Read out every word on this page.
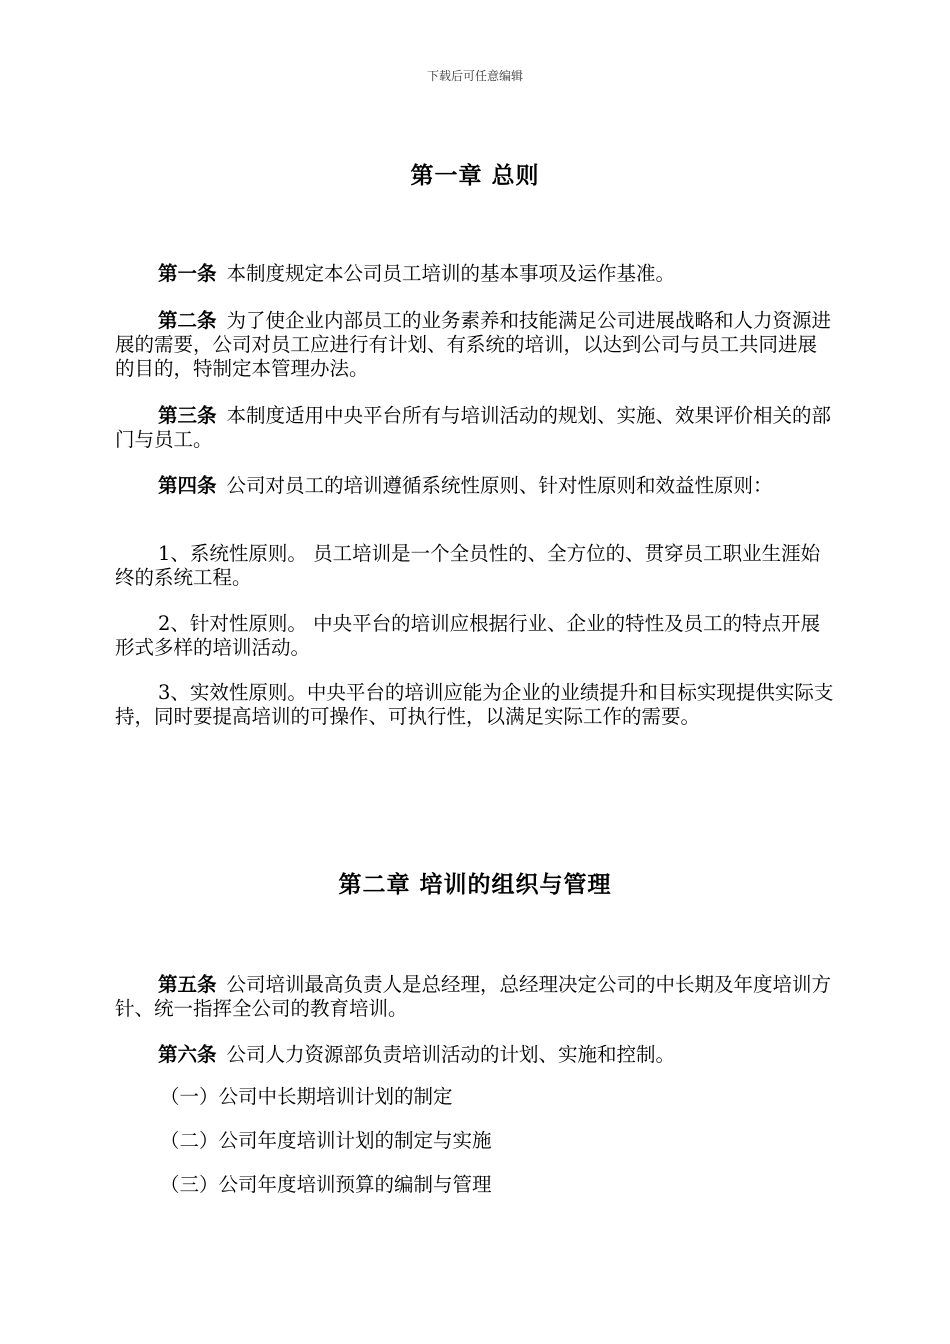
下载后可任意编辑
第一章 总则
第一条 本制度规定本公司员工培训的基本事项及运作基准。
第二条 为了使企业内部员工的业务素养和技能满足公司进展战略和人力资源进展的需要，公司对员工应进行有计划、有系统的培训，以达到公司与员工共同进展的目的，特制定本管理办法。
第三条 本制度适用中央平台所有与培训活动的规划、实施、效果评价相关的部门与员工。
第四条 公司对员工的培训遵循系统性原则、针对性原则和效益性原则：
1、系统性原则。 员工培训是一个全员性的、全方位的、贯穿员工职业生涯始终的系统工程。
2、针对性原则。 中央平台的培训应根据行业、企业的特性及员工的特点开展形式多样的培训活动。
3、实效性原则。中央平台的培训应能为企业的业绩提升和目标实现提供实际支持，同时要提高培训的可操作、可执行性，以满足实际工作的需要。
第二章 培训的组织与管理
第五条 公司培训最高负责人是总经理，总经理决定公司的中长期及年度培训方针、统一指挥全公司的教育培训。
第六条 公司人力资源部负责培训活动的计划、实施和控制。
（一）公司中长期培训计划的制定
（二）公司年度培训计划的制定与实施
（三）公司年度培训预算的编制与管理
